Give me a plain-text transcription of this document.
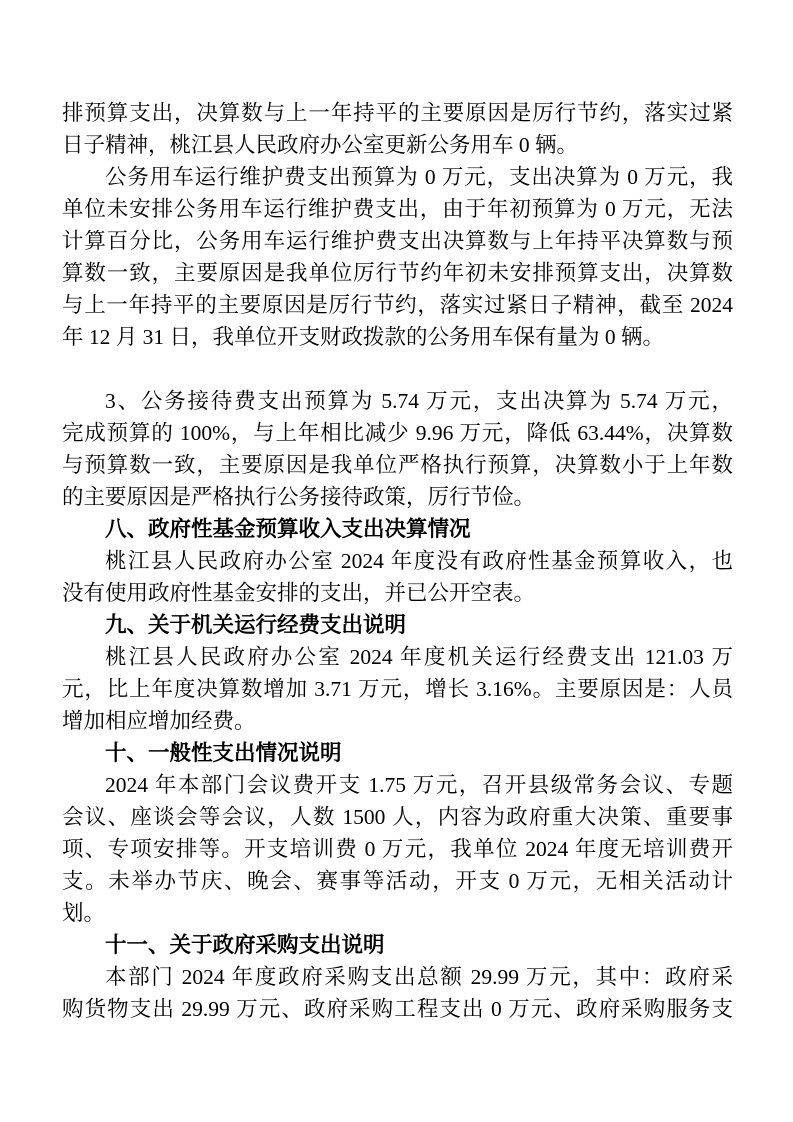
排预算支出，决算数与上一年持平的主要原因是厉行节约，落实过紧
日子精神，桃江县人民政府办公室更新公务用车 0 辆。
公务用车运行维护费支出预算为 0 万元，支出决算为 0 万元，我
单位未安排公务用车运行维护费支出，由于年初预算为 0 万元，无法
计算百分比，公务用车运行维护费支出决算数与上年持平决算数与预
算数一致，主要原因是我单位厉行节约年初未安排预算支出，决算数
与上一年持平的主要原因是厉行节约，落实过紧日子精神，截至 2024
年 12 月 31 日，我单位开支财政拨款的公务用车保有量为 0 辆。
3、公务接待费支出预算为 5.74 万元，支出决算为 5.74 万元，
完成预算的 100%，与上年相比减少 9.96 万元，降低 63.44%，决算数
与预算数一致，主要原因是我单位严格执行预算，决算数小于上年数
的主要原因是严格执行公务接待政策，厉行节俭。
八、政府性基金预算收入支出决算情况
桃江县人民政府办公室 2024 年度没有政府性基金预算收入，也
没有使用政府性基金安排的支出，并已公开空表。
九、关于机关运行经费支出说明
桃江县人民政府办公室 2024 年度机关运行经费支出 121.03 万
元，比上年度决算数增加 3.71 万元，增长 3.16%。主要原因是：人员
增加相应增加经费。
十、一般性支出情况说明
2024 年本部门会议费开支 1.75 万元，召开县级常务会议、专题
会议、座谈会等会议，人数 1500 人，内容为政府重大决策、重要事
项、专项安排等。开支培训费 0 万元，我单位 2024 年度无培训费开
支。未举办节庆、晚会、赛事等活动，开支 0 万元，无相关活动计
划。
十一、关于政府采购支出说明
本部门 2024 年度政府采购支出总额 29.99 万元，其中：政府采
购货物支出 29.99 万元、政府采购工程支出 0 万元、政府采购服务支
